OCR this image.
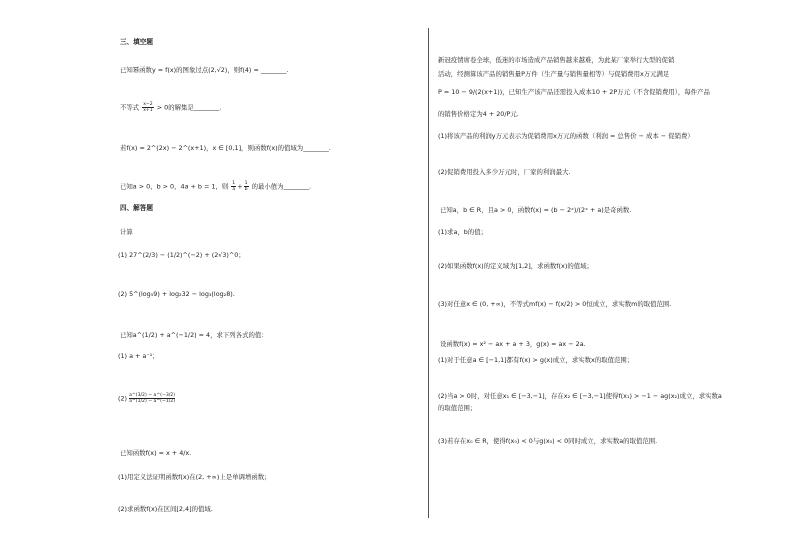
三、填空题
已知幂函数y = f(x)的图象过点(2,√2)，则f(4) = ________.
不等式 $\frac{x-2}{x+1} > 0$的解集是________.
若f(x) = 2^(2x) − 2^(x+1)，x ∈ [0,1]，则函数f(x)的值域为________.
已知a > 0，b > 0，4a + b = 1，则 $\frac{1}{a} + \frac{1}{b}$ 的最小值为________.
四、解答题
计算
(1) 27^(2/3) − (1/2)^(−2) + (2√3)^0；
(2) 5^(log₅9) + log₂32 − log₃(log₂8).
已知a^(1/2) + a^(−1/2) = 4，求下列各式的值：
(1) a + a⁻¹；
$(2) \frac{a\^{}(3/2) - a\^{}(-3/2)}{a\^{}(1/2) - a\^{}(-1/2)}$
已知函数f(x) = x + 4/x.
(1)用定义法证明函数f(x)在(2, +∞)上是单调增函数；
(2)求函数f(x)在区间[2,4]的值域.
新冠疫情席卷全球，低迷的市场造成产品销售越来越难，为此某厂家举行大型的促销
活动，经测算该产品的销售量P万件（生产量与销售量相等）与促销费用x万元满足
P = 10 − 9/(2(x+1))，已知生产该产品还需投入成本10 + 2P万元（不含促销费用），每件产品
的销售价格定为4 + 20/P元.
(1)将该产品的利润y万元表示为促销费用x万元的函数（利润 = 总售价 − 成本 − 促销费）
(2)促销费用投入多少万元时，厂家的利润最大.
已知a，b ∈ R，且a > 0，函数f(x) = (b − 2ˣ)/(2ˣ + a)是奇函数.
(1)求a，b的值；
(2)如果函数f(x)的定义域为[1,2]，求函数f(x)的值域；
(3)对任意x ∈ (0, +∞)，不等式mf(x) − f(x/2) > 0恒成立，求实数m的取值范围.
设函数f(x) = x² − ax + a + 3，g(x) = ax − 2a.
(1)对于任意a ∈ [−1,1]都有f(x) > g(x)成立，求实数x的取值范围；
(2)当a > 0时，对任意x₁ ∈ [−3,−1]，存在x₂ ∈ [−3,−1]使得f(x₁) > −1 − ag(x₂)成立，求实数a
的取值范围；
(3)若存在x₀ ∈ R，使得f(x₀) < 0与g(x₀) < 0同时成立，求实数a的取值范围.
